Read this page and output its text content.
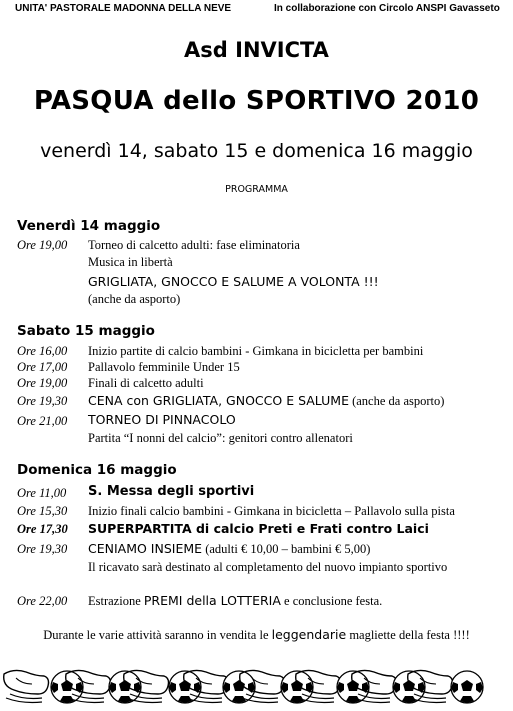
UNITA' PASTORALE MADONNA DELLA NEVE	In collaborazione con Circolo ANSPI Gavasseto
Asd INVICTA
PASQUA dello SPORTIVO 2010
venerdì 14, sabato 15 e domenica 16 maggio
PROGRAMMA
Venerdì 14 maggio
Ore 19,00 Torneo di calcetto adulti: fase eliminatoria
Musica in libertà
GRIGLIATA, GNOCCO E SALUME A VOLONTA !!!
(anche da asporto)
Sabato 15 maggio
Ore 16,00 Inizio partite di calcio bambini - Gimkana in bicicletta per bambini
Ore 17,00 Pallavolo femminile Under 15
Ore 19,00 Finali di calcetto adulti
Ore 19,30 CENA con GRIGLIATA, GNOCCO E SALUME (anche da asporto)
Ore 21,00 TORNEO DI PINNACOLO
Partita “I nonni del calcio”: genitori contro allenatori
Domenica 16 maggio
Ore 11,00 S. Messa degli sportivi
Ore 15,30 Inizio finali calcio bambini - Gimkana in bicicletta – Pallavolo sulla pista
Ore 17,30 SUPERPARTITA di calcio Preti e Frati contro Laici
Ore 19,30 CENIAMO INSIEME (adulti € 10,00 – bambini € 5,00)
Il ricavato sarà destinato al completamento del nuovo impianto sportivo
Ore 22,00 Estrazione PREMI della LOTTERIA e conclusione festa.
Durante le varie attività saranno in vendita le leggendarie magliette della festa !!!!
